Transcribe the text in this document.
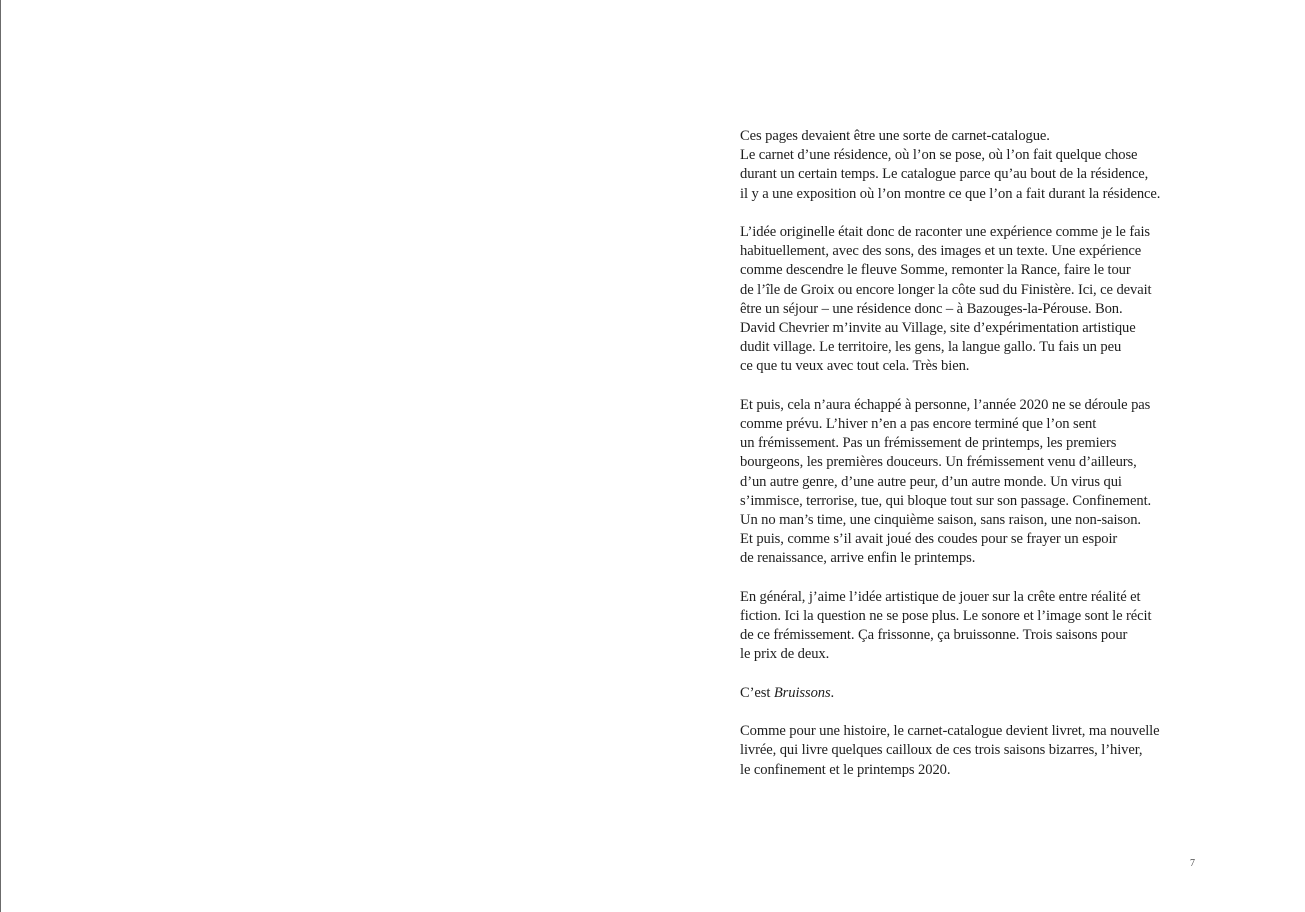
Ces pages devaient être une sorte de carnet-catalogue.
Le carnet d’une résidence, où l’on se pose, où l’on fait quelque chose
durant un certain temps. Le catalogue parce qu’au bout de la résidence,
il y a une exposition où l’on montre ce que l’on a fait durant la résidence.

L’idée originelle était donc de raconter une expérience comme je le fais
habituellement, avec des sons, des images et un texte. Une expérience
comme descendre le fleuve Somme, remonter la Rance, faire le tour
de l’île de Groix ou encore longer la côte sud du Finistère. Ici, ce devait
être un séjour – une résidence donc – à Bazouges-la-Pérouse. Bon.
David Chevrier m’invite au Village, site d’expérimentation artistique
dudit village. Le territoire, les gens, la langue gallo. Tu fais un peu
ce que tu veux avec tout cela. Très bien.

Et puis, cela n’aura échappé à personne, l’année 2020 ne se déroule pas
comme prévu. L’hiver n’en a pas encore terminé que l’on sent
un frémissement. Pas un frémissement de printemps, les premiers
bourgeons, les premières douceurs. Un frémissement venu d’ailleurs,
d’un autre genre, d’une autre peur, d’un autre monde. Un virus qui
s’immisce, terrorise, tue, qui bloque tout sur son passage. Confinement.
Un no man’s time, une cinquième saison, sans raison, une non-saison.
Et puis, comme s’il avait joué des coudes pour se frayer un espoir
de renaissance, arrive enfin le printemps.

En général, j’aime l’idée artistique de jouer sur la crête entre réalité et
fiction. Ici la question ne se pose plus. Le sonore et l’image sont le récit
de ce frémissement. Ça frissonne, ça bruissonne. Trois saisons pour
le prix de deux.

C’est Bruissons.

Comme pour une histoire, le carnet-catalogue devient livret, ma nouvelle
livrée, qui livre quelques cailloux de ces trois saisons bizarres, l’hiver,
le confinement et le printemps 2020.

7
